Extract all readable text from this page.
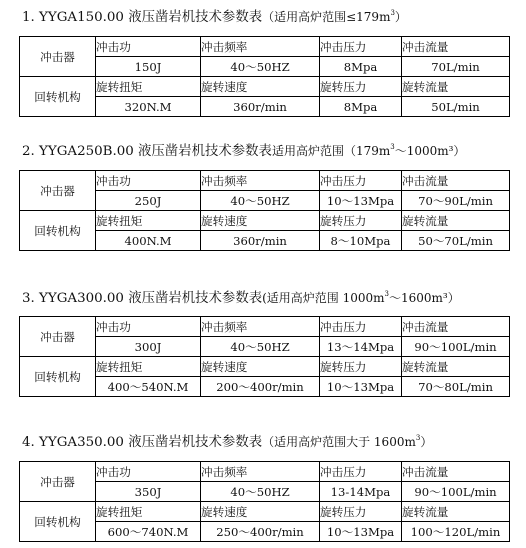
1. YYGA150.00 液压凿岩机技术参数表（适用高炉范围$\le 179m^3$）
冲击器	冲击功	冲击频率	冲击压力	冲击流量
	150J	40～50HZ	8Mpa	70L/min
回转机构	旋转扭矩	旋转速度	旋转压力	旋转流量
	320N.M	360r/min	8Mpa	50L/min
2. YYGA250B.00 液压凿岩机技术参数表适用高炉范围$(179m^3\sim 1000m^3)$
冲击器	冲击功	冲击频率	冲击压力	冲击流量
	250J	40～50HZ	10～13Mpa	70～90L/min
回转机构	旋转扭矩	旋转速度	旋转压力	旋转流量
	400N.M	360r/min	8～10Mpa	50～70L/min
3. YYGA300.00 液压凿岩机技术参数表(适用高炉范围 $1000m^3\sim 1600m^3$）
冲击器	冲击功	冲击频率	冲击压力	冲击流量
	300J	40～50HZ	13～14Mpa	90～100L/min
回转机构	旋转扭矩	旋转速度	旋转压力	旋转流量
	400～540N.M	200～400r/min	10～13Mpa	70～80L/min
4. YYGA350.00 液压凿岩机技术参数表（适用高炉范围大于 $1600m^3$）
冲击器	冲击功	冲击频率	冲击压力	冲击流量
	350J	40～50HZ	13-14Mpa	90～100L/min
回转机构	旋转扭矩	旋转速度	旋转压力	旋转流量
	600～740N.M	250～400r/min	10～13Mpa	100～120L/min
